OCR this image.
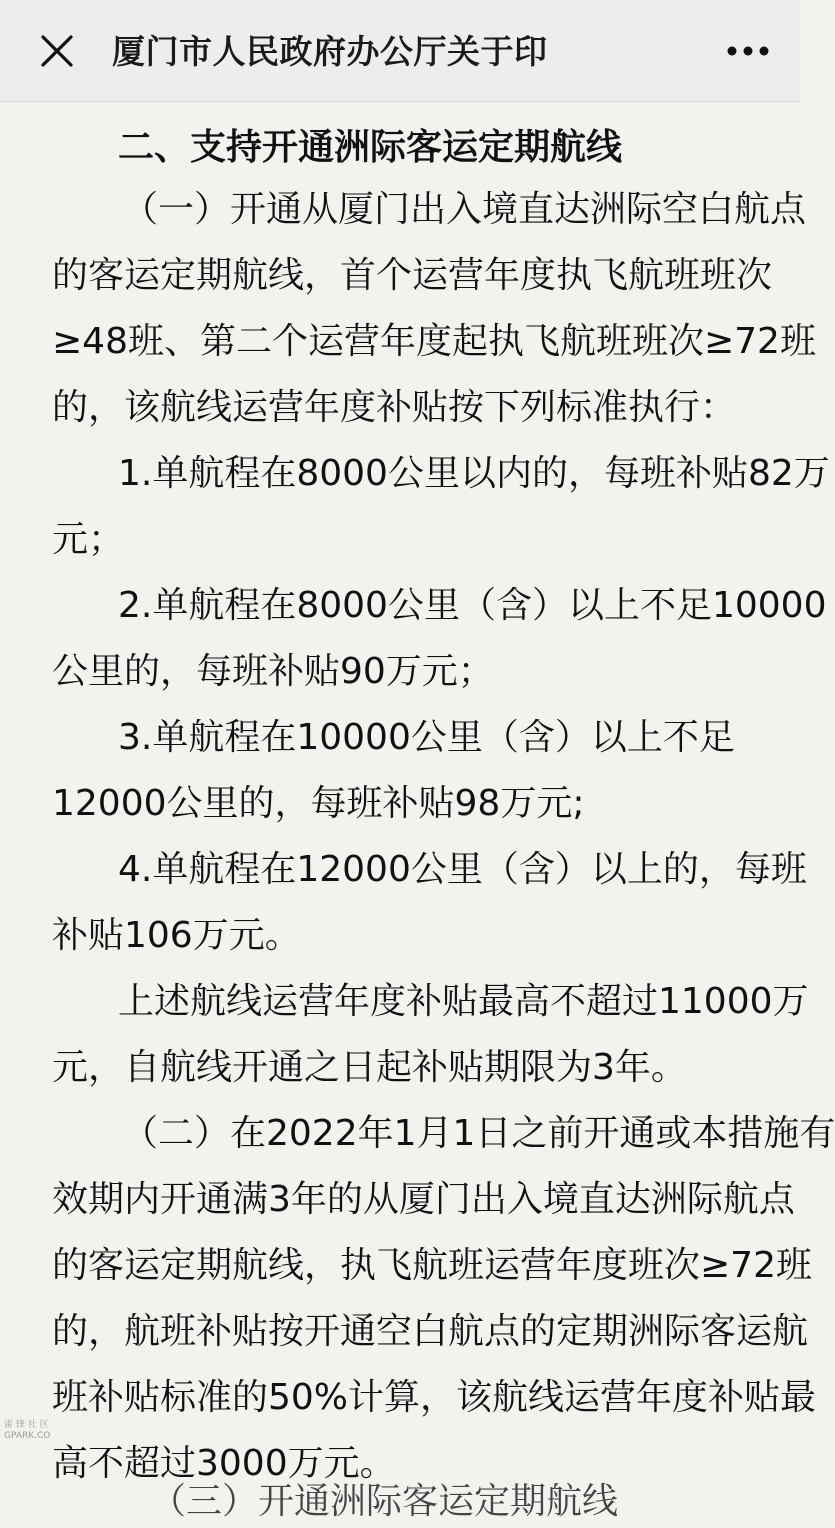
厦门市人民政府办公厅关于印
二、支持开通洲际客运定期航线
（一）开通从厦门出入境直达洲际空白航点
的客运定期航线，首个运营年度执飞航班班次
≥48班、第二个运营年度起执飞航班班次≥72班
的，该航线运营年度补贴按下列标准执行：
1.单航程在8000公里以内的，每班补贴82万
元；
2.单航程在8000公里（含）以上不足10000
公里的，每班补贴90万元；
3.单航程在10000公里（含）以上不足
12000公里的，每班补贴98万元;
4.单航程在12000公里（含）以上的，每班
补贴106万元。
上述航线运营年度补贴最高不超过11000万
元，自航线开通之日起补贴期限为3年。
（二）在2022年1月1日之前开通或本措施有
效期内开通满3年的从厦门出入境直达洲际航点
的客运定期航线，执飞航班运营年度班次≥72班
的，航班补贴按开通空白航点的定期洲际客运航
班补贴标准的50%计算，该航线运营年度补贴最
高不超过3000万元。
（三）开通洲际客运定期航线
雷 锋 社 区 GPARK.CO
